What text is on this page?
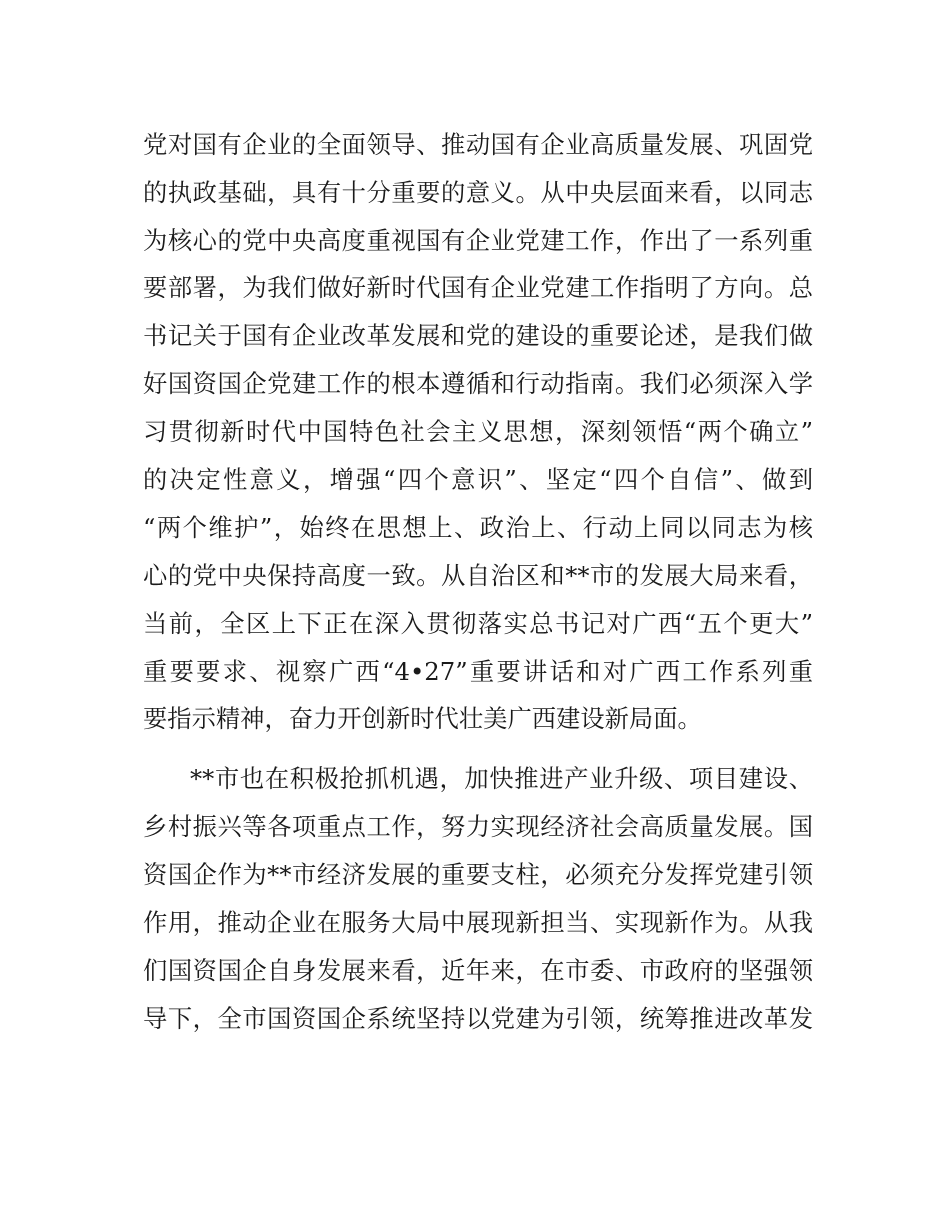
党对国有企业的全面领导、推动国有企业高质量发展、巩固党
的执政基础，具有十分重要的意义。从中央层面来看，以同志
为核心的党中央高度重视国有企业党建工作，作出了一系列重
要部署，为我们做好新时代国有企业党建工作指明了方向。总
书记关于国有企业改革发展和党的建设的重要论述，是我们做
好国资国企党建工作的根本遵循和行动指南。我们必须深入学
习贯彻新时代中国特色社会主义思想，深刻领悟“两个确立”
的决定性意义，增强“四个意识”、坚定“四个自信”、做到
“两个维护”，始终在思想上、政治上、行动上同以同志为核
心的党中央保持高度一致。从自治区和**市的发展大局来看，
当前，全区上下正在深入贯彻落实总书记对广西“五个更大”
重要要求、视察广西“4•27”重要讲话和对广西工作系列重
要指示精神，奋力开创新时代壮美广西建设新局面。
**市也在积极抢抓机遇，加快推进产业升级、项目建设、
乡村振兴等各项重点工作，努力实现经济社会高质量发展。国
资国企作为**市经济发展的重要支柱，必须充分发挥党建引领
作用，推动企业在服务大局中展现新担当、实现新作为。从我
们国资国企自身发展来看，近年来，在市委、市政府的坚强领
导下，全市国资国企系统坚持以党建为引领，统筹推进改革发
